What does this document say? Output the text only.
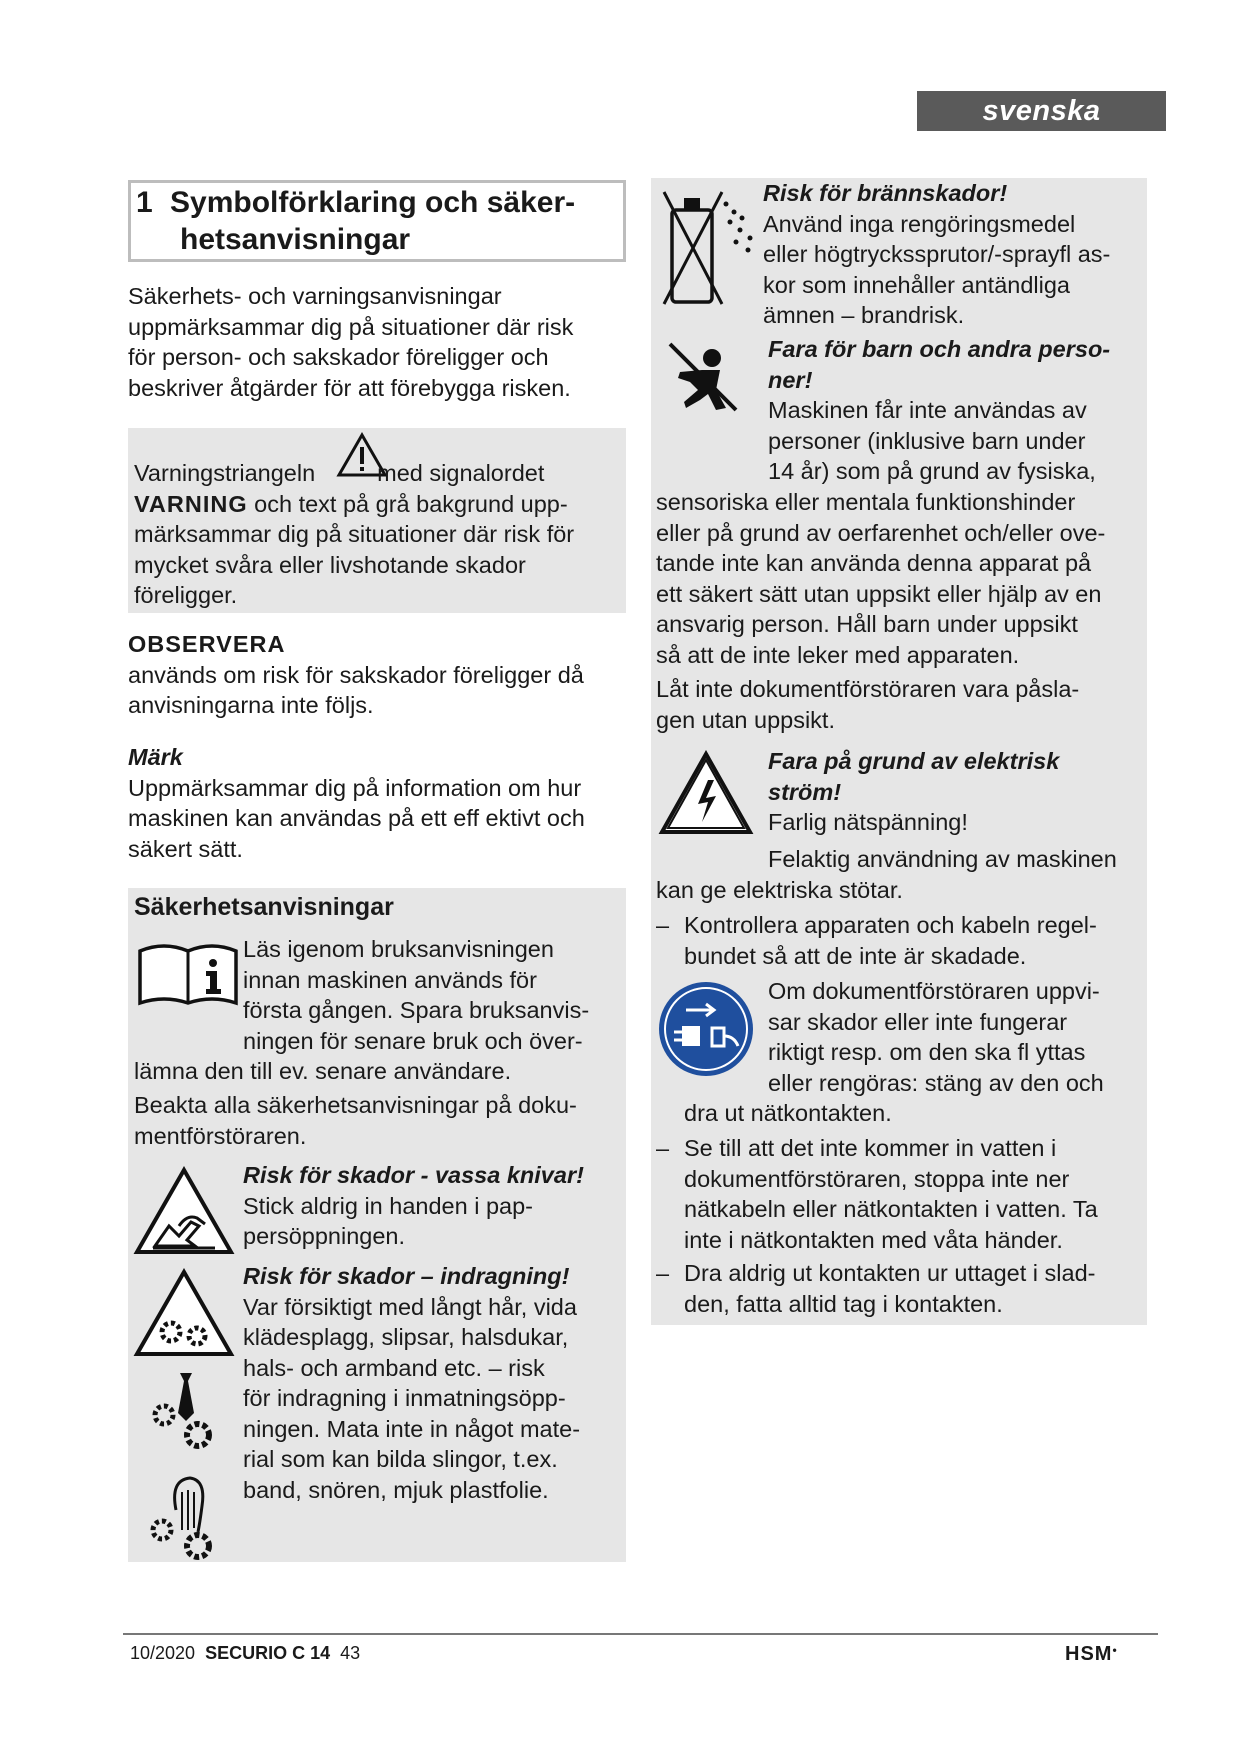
svenska
1 Symbolförklaring och säker-
hetsanvisningar
Säkerhets- och varningsanvisningar
uppmärksammar dig på situationer där risk
för person- och sakskador föreligger och
beskriver åtgärder för att förebygga risken.
Varningstriangeln	med signalordet
VARNING och text på grå bakgrund upp-
märksammar dig på situationer där risk för
mycket svåra eller livshotande skador
föreligger.
OBSERVERA
används om risk för sakskador föreligger då
anvisningarna inte följs.
Märk
Uppmärksammar dig på information om hur
maskinen kan användas på ett eff ektivt och
säkert sätt.
Säkerhetsanvisningar
Läs igenom bruksanvisningen
innan maskinen används för
första gången. Spara bruksanvis-
ningen för senare bruk och över-
lämna den till ev. senare användare.
Beakta alla säkerhetsanvisningar på doku-
mentförstöraren.
Risk för skador - vassa knivar!
Stick aldrig in handen i pap-
persöppningen.
Risk för skador – indragning!
Var försiktigt med långt hår, vida
klädesplagg, slipsar, halsdukar,
hals- och armband etc. – risk
för indragning i inmatningsöpp-
ningen. Mata inte in något mate-
rial som kan bilda slingor, t.ex.
band, snören, mjuk plastfolie.
Risk för brännskador!
Använd inga rengöringsmedel
eller högtryckssprutor/-sprayfl as-
kor som innehåller antändliga
ämnen – brandrisk.
Fara för barn och andra perso-
ner!
Maskinen får inte användas av
personer (inklusive barn under
14 år) som på grund av fysiska,
sensoriska eller mentala funktionshinder
eller på grund av oerfarenhet och/eller ove-
tande inte kan använda denna apparat på
ett säkert sätt utan uppsikt eller hjälp av en
ansvarig person. Håll barn under uppsikt
så att de inte leker med apparaten.
Låt inte dokumentförstöraren vara påsla-
gen utan uppsikt.
Fara på grund av elektrisk
ström!
Farlig nätspänning!
Felaktig användning av maskinen
kan ge elektriska stötar.
– Kontrollera apparaten och kabeln regel-
bundet så att de inte är skadade.
Om dokumentförstöraren uppvi-
sar skador eller inte fungerar
riktigt resp. om den ska fl yttas
eller rengöras: stäng av den och
dra ut nätkontakten.
– Se till att det inte kommer in vatten i
dokumentförstöraren, stoppa inte ner
nätkabeln eller nätkontakten i vatten. Ta
inte i nätkontakten med våta händer.
– Dra aldrig ut kontakten ur uttaget i slad-
den, fatta alltid tag i kontakten.
10/2020 SECURIO C 14 43	HSM•
